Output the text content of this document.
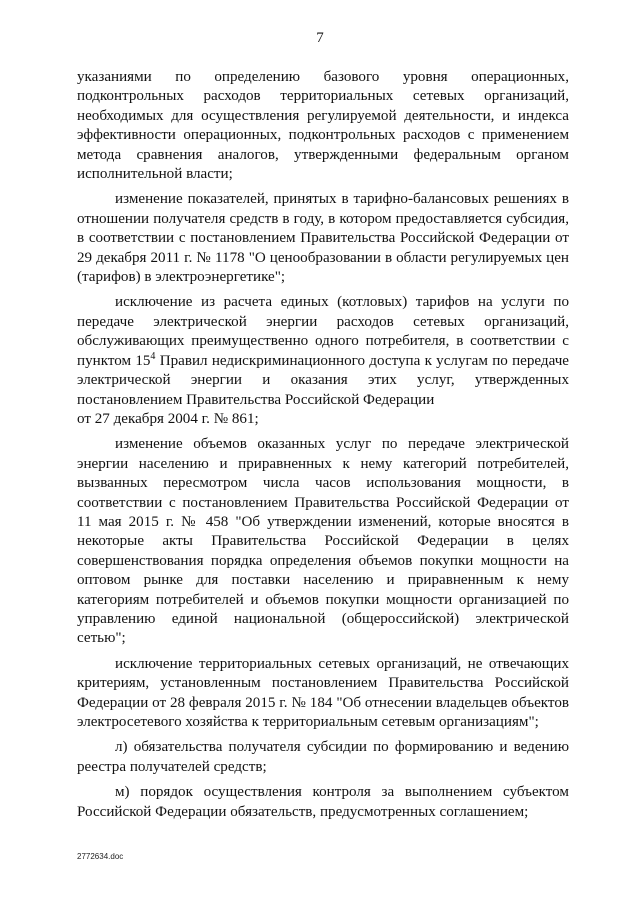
7

указаниями по определению базового уровня операционных, подконтрольных расходов территориальных сетевых организаций, необходимых для осуществления регулируемой деятельности, и индекса эффективности операционных, подконтрольных расходов с применением метода сравнения аналогов, утвержденными федеральным органом исполнительной власти;

изменение показателей, принятых в тарифно-балансовых решениях в отношении получателя средств в году, в котором предоставляется субсидия, в соответствии с постановлением Правительства Российской Федерации от 29 декабря 2011 г. № 1178 "О ценообразовании в области регулируемых цен (тарифов) в электроэнергетике";

исключение из расчета единых (котловых) тарифов на услуги по передаче электрической энергии расходов сетевых организаций, обслуживающих преимущественно одного потребителя, в соответствии с пунктом $15^4$ Правил недискриминационного доступа к услугам по передаче электрической энергии и оказания этих услуг, утвержденных постановлением Правительства Российской Федерации
от 27 декабря 2004 г. № 861;

изменение объемов оказанных услуг по передаче электрической энергии населению и приравненных к нему категорий потребителей, вызванных пересмотром числа часов использования мощности, в соответствии с постановлением Правительства Российской Федерации от 11 мая 2015 г. № 458 "Об утверждении изменений, которые вносятся в некоторые акты Правительства Российской Федерации в целях совершенствования порядка определения объемов покупки мощности на оптовом рынке для поставки населению и приравненным к нему категориям потребителей и объемов покупки мощности организацией по управлению единой национальной (общероссийской) электрической сетью";

исключение территориальных сетевых организаций, не отвечающих критериям, установленным постановлением Правительства Российской Федерации от 28 февраля 2015 г. № 184 "Об отнесении владельцев объектов электросетевого хозяйства к территориальным сетевым организациям";

л) обязательства получателя субсидии по формированию и ведению реестра получателей средств;

м) порядок осуществления контроля за выполнением субъектом Российской Федерации обязательств, предусмотренных соглашением;

2772634.doc
